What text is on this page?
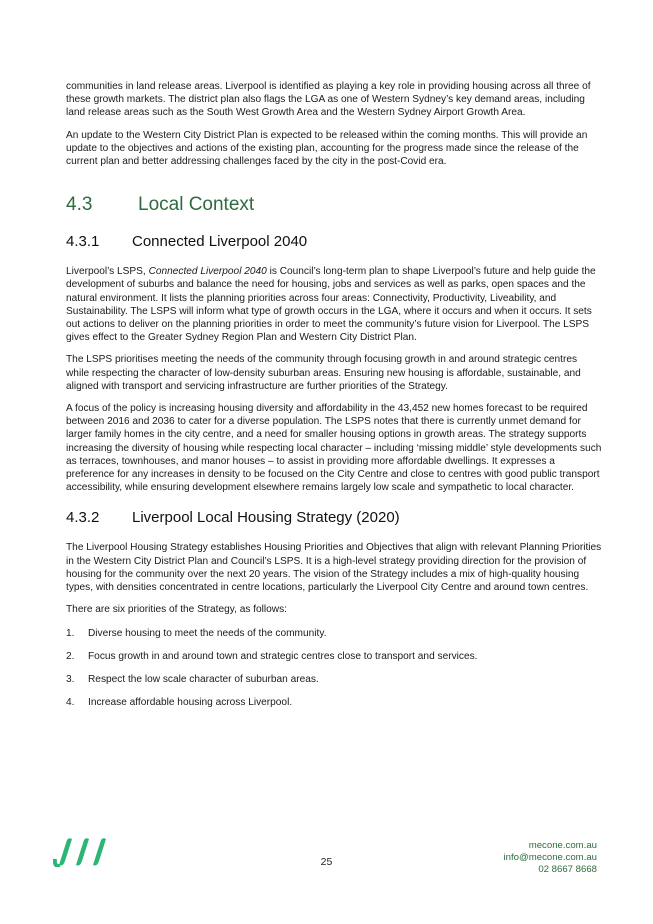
communities in land release areas. Liverpool is identified as playing a key role in providing housing across all three of these growth markets. The district plan also flags the LGA as one of Western Sydney’s key demand areas, including land release areas such as the South West Growth Area and the Western Sydney Airport Growth Area.

An update to the Western City District Plan is expected to be released within the coming months. This will provide an update to the objectives and actions of the existing plan, accounting for the progress made since the release of the current plan and better addressing challenges faced by the city in the post-Covid era.

4.3	Local Context
4.3.1	Connected Liverpool 2040

Liverpool’s LSPS, Connected Liverpool 2040 is Council’s long-term plan to shape Liverpool’s future and help guide the development of suburbs and balance the need for housing, jobs and services as well as parks, open spaces and the natural environment. It lists the planning priorities across four areas: Connectivity, Productivity, Liveability, and Sustainability. The LSPS will inform what type of growth occurs in the LGA, where it occurs and when it occurs. It sets out actions to deliver on the planning priorities in order to meet the community’s future vision for Liverpool. The LSPS gives effect to the Greater Sydney Region Plan and Western City District Plan.

The LSPS prioritises meeting the needs of the community through focusing growth in and around strategic centres while respecting the character of low-density suburban areas. Ensuring new housing is affordable, sustainable, and aligned with transport and servicing infrastructure are further priorities of the Strategy.

A focus of the policy is increasing housing diversity and affordability in the 43,452 new homes forecast to be required between 2016 and 2036 to cater for a diverse population. The LSPS notes that there is currently unmet demand for larger family homes in the city centre, and a need for smaller housing options in growth areas. The strategy supports increasing the diversity of housing while respecting local character – including ‘missing middle’ style developments such as terraces, townhouses, and manor houses – to assist in providing more affordable dwellings. It expresses a preference for any increases in density to be focused on the City Centre and close to centres with good public transport accessibility, while ensuring development elsewhere remains largely low scale and sympathetic to local character.

4.3.2	Liverpool Local Housing Strategy (2020)

The Liverpool Housing Strategy establishes Housing Priorities and Objectives that align with relevant Planning Priorities in the Western City District Plan and Council’s LSPS. It is a high-level strategy providing direction for the provision of housing for the community over the next 20 years. The vision of the Strategy includes a mix of high-quality housing types, with densities concentrated in centre locations, particularly the Liverpool City Centre and around town centres.

There are six priorities of the Strategy, as follows:

1.	Diverse housing to meet the needs of the community.
2.	Focus growth in and around town and strategic centres close to transport and services.
3.	Respect the low scale character of suburban areas.
4.	Increase affordable housing across Liverpool.
25
mecone.com.au
info@mecone.com.au
02 8667 8668
